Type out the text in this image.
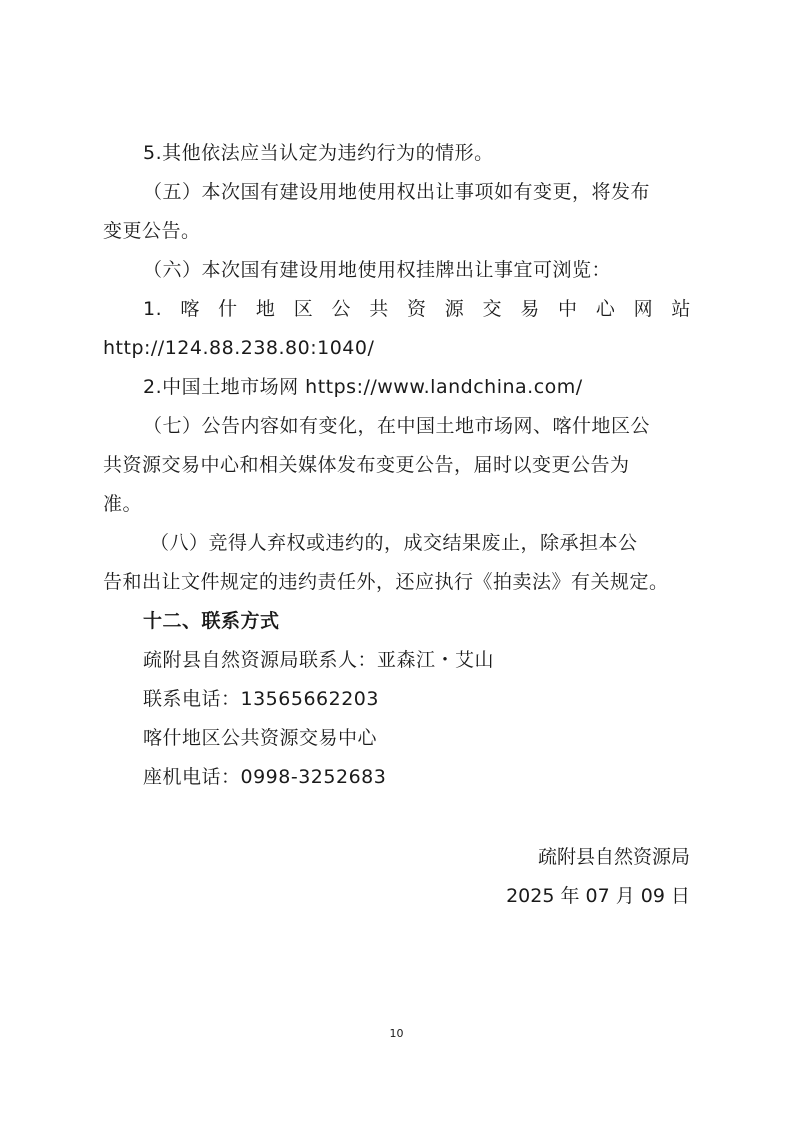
5.其他依法应当认定为违约行为的情形。
（五）本次国有建设用地使用权出让事项如有变更，将发布
变更公告。
（六）本次国有建设用地使用权挂牌出让事宜可浏览：
1. 喀 什 地 区 公 共 资 源 交 易 中 心 网 站
http://124.88.238.80:1040/
2.中国土地市场网 https://www.landchina.com/
（七）公告内容如有变化，在中国土地市场网、喀什地区公
共资源交易中心和相关媒体发布变更公告，届时以变更公告为
准。
（八）竞得人弃权或违约的，成交结果废止，除承担本公
告和出让文件规定的违约责任外，还应执行《拍卖法》有关规定。
十二、联系方式
疏附县自然资源局联系人：亚森江・艾山
联系电话：13565662203
喀什地区公共资源交易中心
座机电话：0998-3252683
疏附县自然资源局
2025 年 07 月 09 日
10
